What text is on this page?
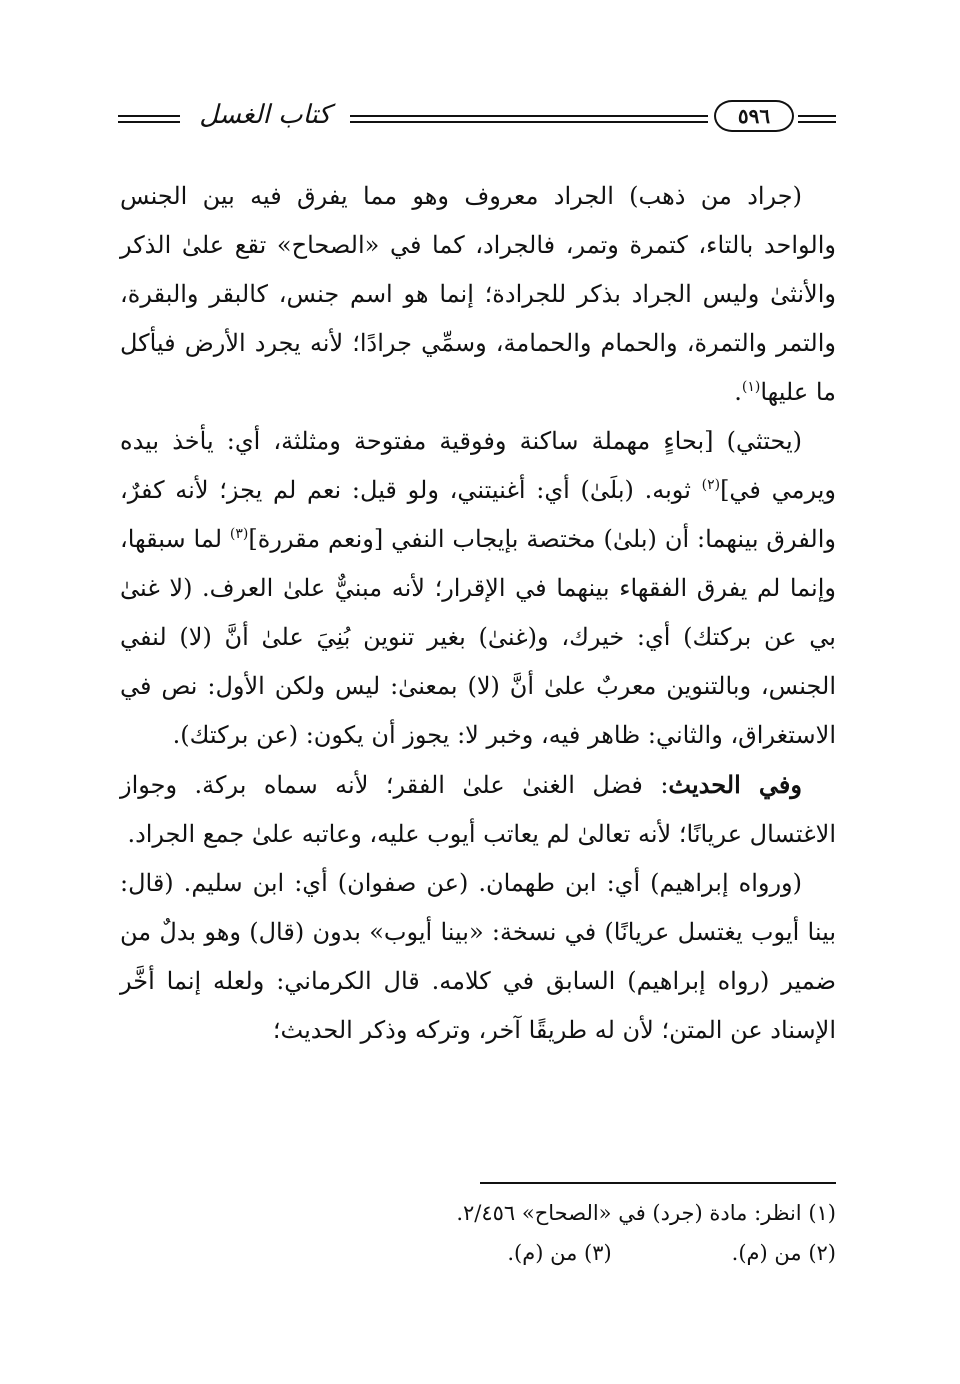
كتاب الغسل	٥٩٦

(جراد من ذهب) الجراد معروف وهو مما يفرق فيه بين الجنس والواحد بالتاء، كتمرة وتمر، فالجراد، كما في «الصحاح» تقع علىٰ الذكر والأنثىٰ وليس الجراد بذكر للجرادة؛ إنما هو اسم جنس، كالبقر والبقرة، والتمر والتمرة، والحمام والحمامة، وسمِّي جرادًا؛ لأنه يجرد الأرض فيأكل ما عليها$^{(١)}$.

(يحتثي) [بحاءٍ مهملة ساكنة وفوقية مفتوحة ومثلثة، أي: يأخذ بيده ويرمي في]$^{(٢)}$ ثوبه. (بلَىٰ) أي: أغنيتني، ولو قيل: نعم لم يجز؛ لأنه كفرٌ، والفرق بينهما: أن (بلىٰ) مختصة بإيجاب النفي [ونعم مقررة]$^{(٣)}$ لما سبقها، وإنما لم يفرق الفقهاء بينهما في الإقرار؛ لأنه مبنيٌّ علىٰ العرف. (لا غنىٰ بي عن بركتك) أي: خيرك، و(غنىٰ) بغير تنوين بُنِيَ علىٰ أنَّ (لا) لنفي الجنس، وبالتنوين معربٌ علىٰ أنَّ (لا) بمعنىٰ: ليس ولكن الأول: نص في الاستغراق، والثاني: ظاهر فيه، وخبر لا: يجوز أن يكون: (عن بركتك).

وفي الحديث: فضل الغنىٰ علىٰ الفقر؛ لأنه سماه بركة. وجواز الاغتسال عريانًا؛ لأنه تعالىٰ لم يعاتب أيوب عليه، وعاتبه علىٰ جمع الجراد.

(ورواه إبراهيم) أي: ابن طهمان. (عن صفوان) أي: ابن سليم. (قال: بينا أيوب يغتسل عريانًا) في نسخة: «بينا أيوب» بدون (قال) وهو بدلٌ من ضمير (رواه إبراهيم) السابق في كلامه. قال الكرماني: ولعله إنما أخَّر الإسناد عن المتن؛ لأن له طريقًا آخر، وتركه وذكر الحديث؛

(١) انظر: مادة (جرد) في «الصحاح» ٢/٤٥٦.
(٢) من (م).
(٣) من (م).
